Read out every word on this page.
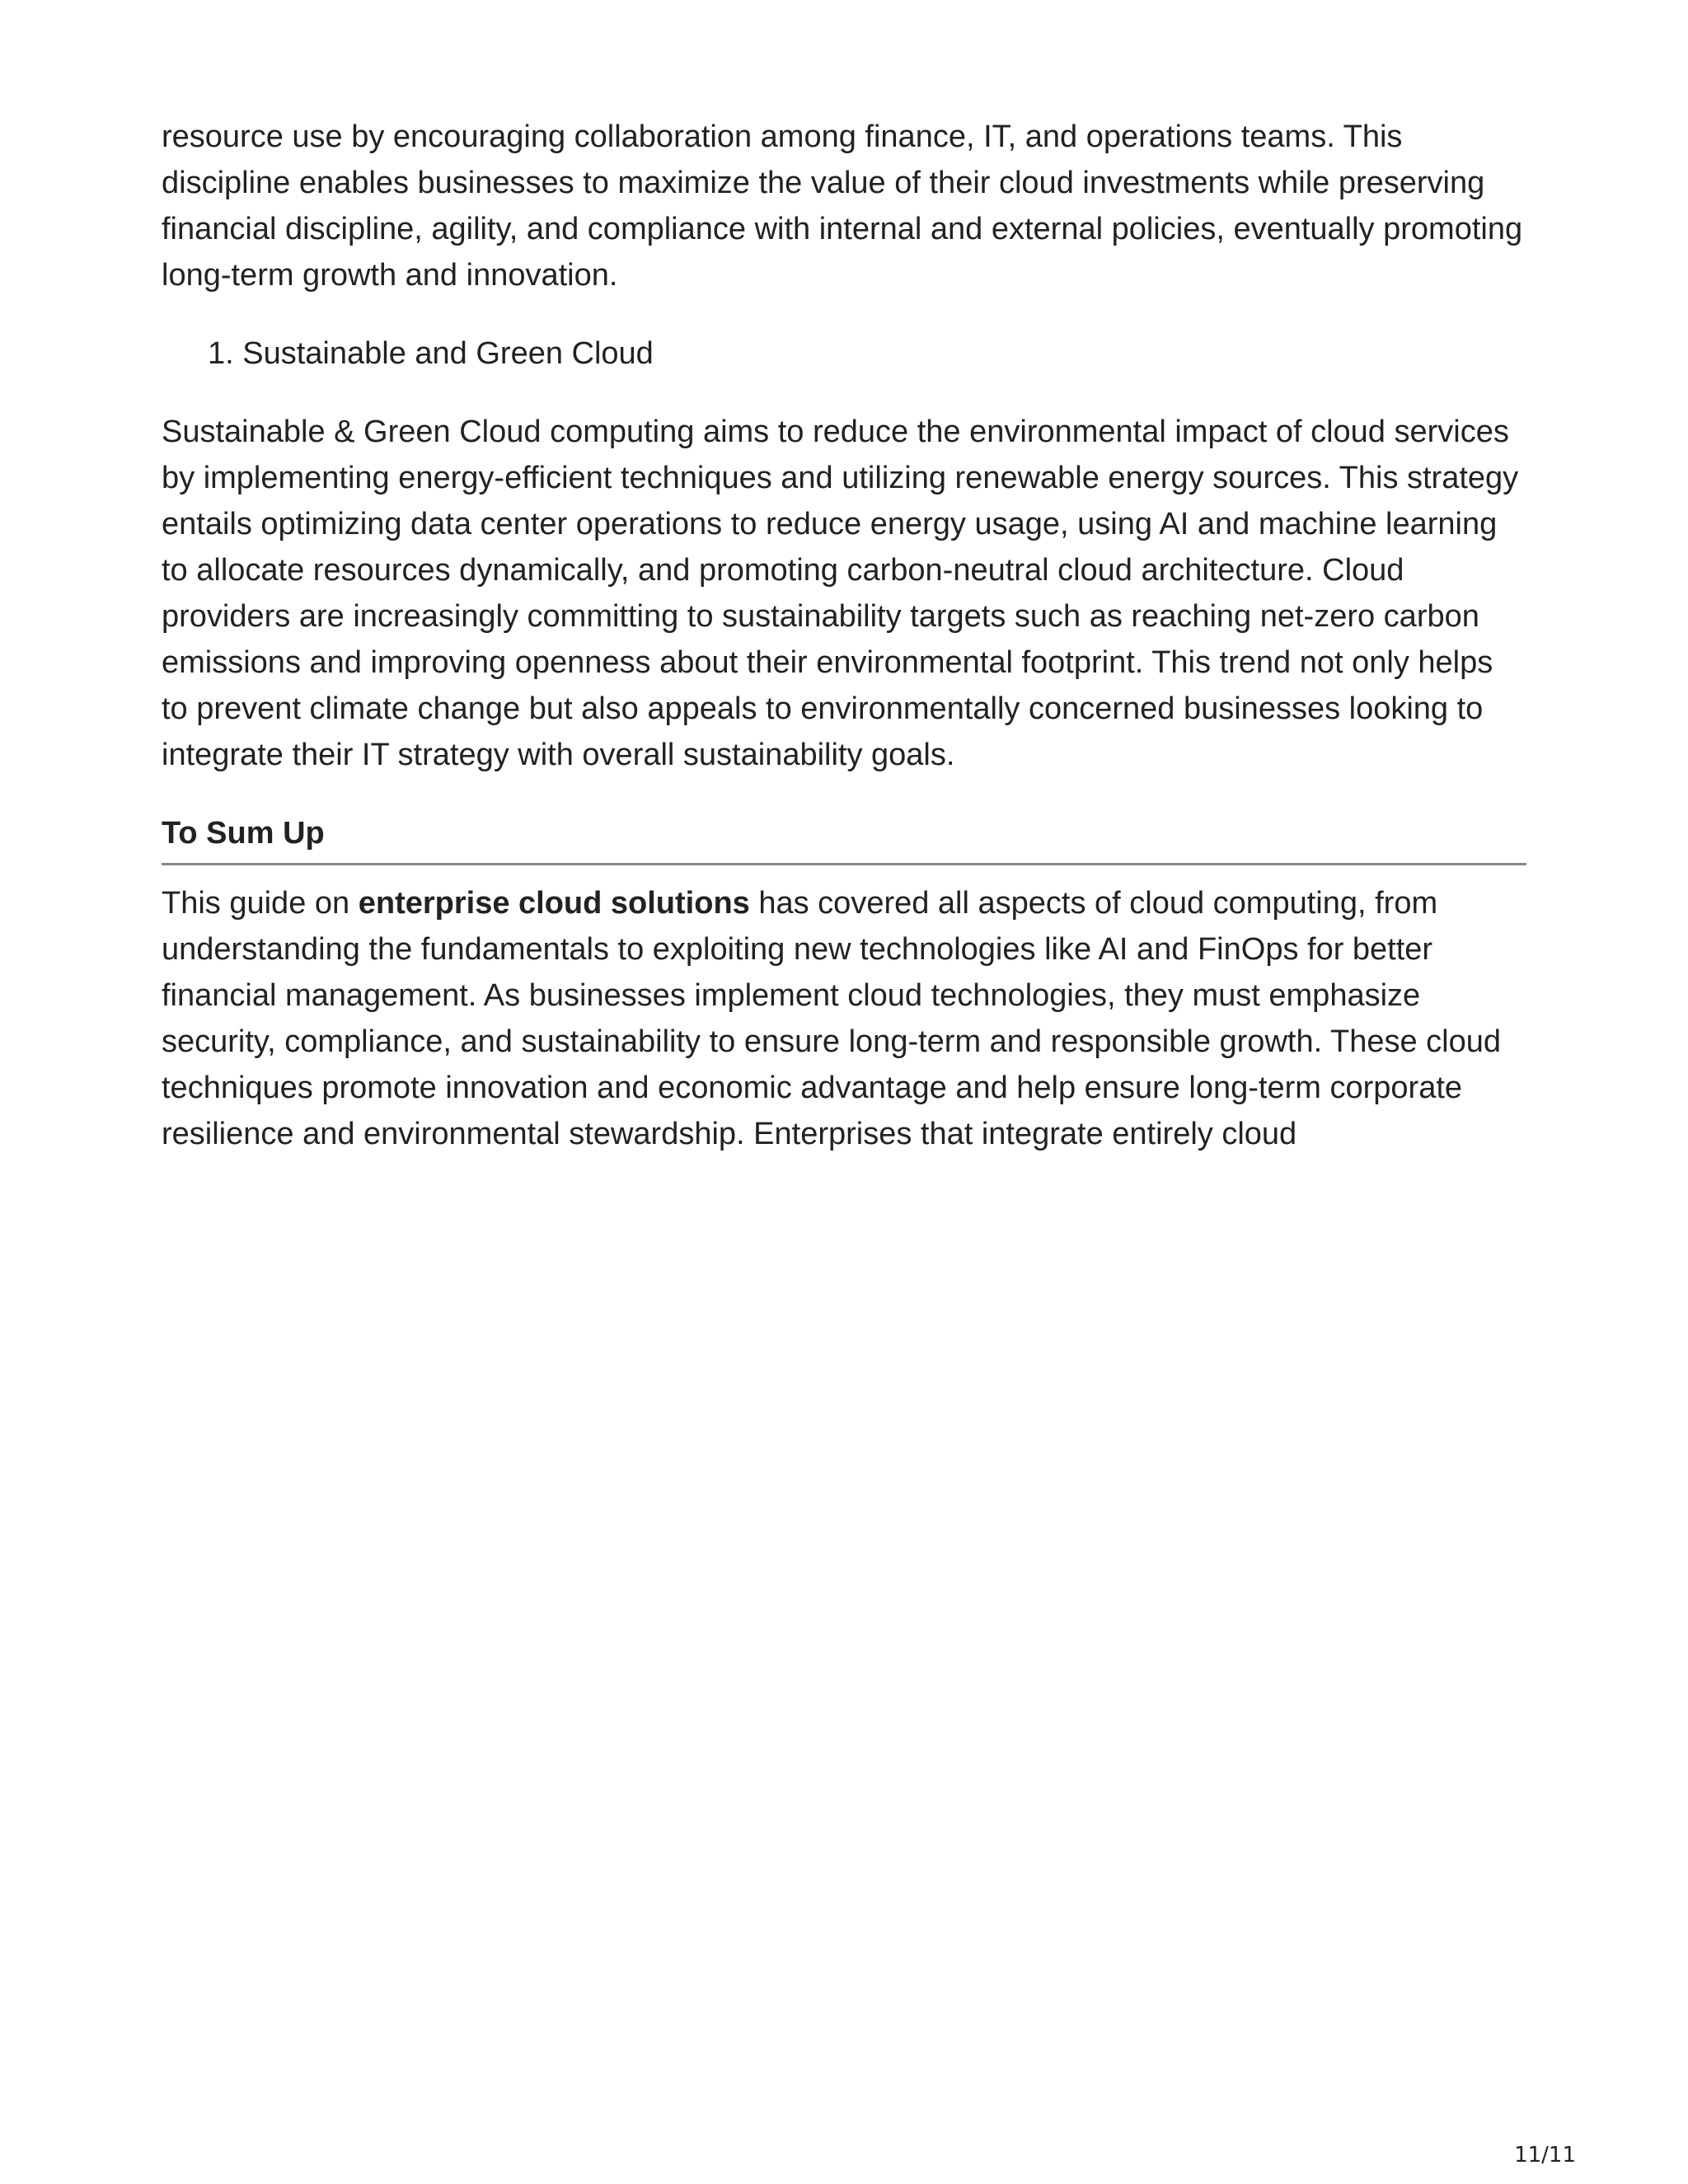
resource use by encouraging collaboration among finance, IT, and operations teams. This discipline enables businesses to maximize the value of their cloud investments while preserving financial discipline, agility, and compliance with internal and external policies, eventually promoting long-term growth and innovation.

1. Sustainable and Green Cloud

Sustainable & Green Cloud computing aims to reduce the environmental impact of cloud services by implementing energy-efficient techniques and utilizing renewable energy sources. This strategy entails optimizing data center operations to reduce energy usage, using AI and machine learning to allocate resources dynamically, and promoting carbon-neutral cloud architecture. Cloud providers are increasingly committing to sustainability targets such as reaching net-zero carbon emissions and improving openness about their environmental footprint. This trend not only helps to prevent climate change but also appeals to environmentally concerned businesses looking to integrate their IT strategy with overall sustainability goals.

To Sum Up

This guide on enterprise cloud solutions has covered all aspects of cloud computing, from understanding the fundamentals to exploiting new technologies like AI and FinOps for better financial management. As businesses implement cloud technologies, they must emphasize security, compliance, and sustainability to ensure long-term and responsible growth. These cloud techniques promote innovation and economic advantage and help ensure long-term corporate resilience and environmental stewardship. Enterprises that integrate entirely cloud

11/11
